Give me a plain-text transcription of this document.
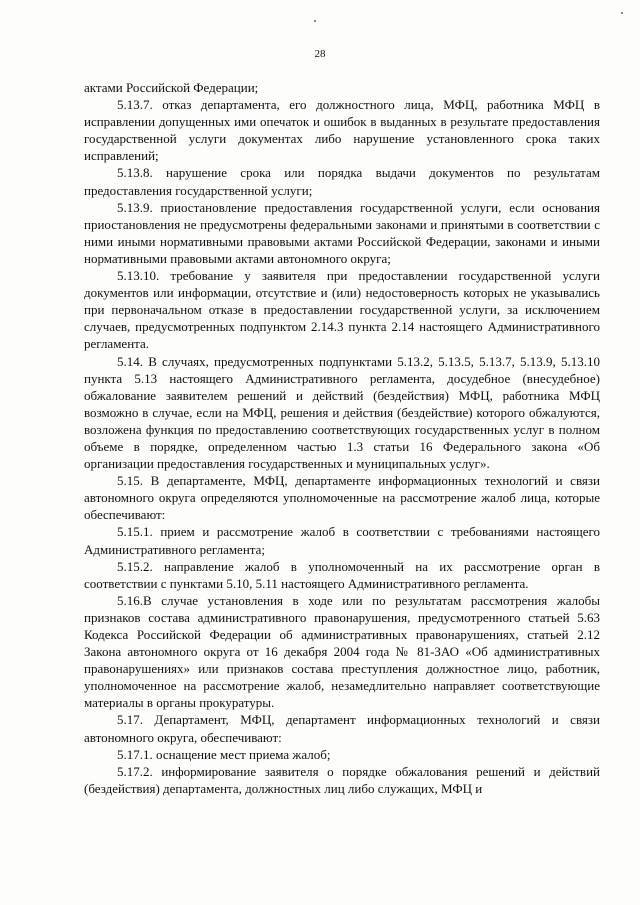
28

актами Российской Федерации;

5.13.7. отказ департамента, его должностного лица, МФЦ, работника МФЦ в исправлении допущенных ими опечаток и ошибок в выданных в результате предоставления государственной услуги документах либо нарушение установленного срока таких исправлений;

5.13.8. нарушение срока или порядка выдачи документов по результатам предоставления государственной услуги;

5.13.9. приостановление предоставления государственной услуги, если основания приостановления не предусмотрены федеральными законами и принятыми в соответствии с ними иными нормативными правовыми актами Российской Федерации, законами и иными нормативными правовыми актами автономного округа;

5.13.10. требование у заявителя при предоставлении государственной услуги документов или информации, отсутствие и (или) недостоверность которых не указывались при первоначальном отказе в предоставлении государственной услуги, за исключением случаев, предусмотренных подпунктом 2.14.3 пункта 2.14 настоящего Административного регламента.

5.14. В случаях, предусмотренных подпунктами 5.13.2, 5.13.5, 5.13.7, 5.13.9, 5.13.10 пункта 5.13 настоящего Административного регламента, досудебное (внесудебное) обжалование заявителем решений и действий (бездействия) МФЦ, работника МФЦ возможно в случае, если на МФЦ, решения и действия (бездействие) которого обжалуются, возложена функция по предоставлению соответствующих государственных услуг в полном объеме в порядке, определенном частью 1.3 статьи 16 Федерального закона «Об организации предоставления государственных и муниципальных услуг».

5.15. В департаменте, МФЦ, департаменте информационных технологий и связи автономного округа определяются уполномоченные на рассмотрение жалоб лица, которые обеспечивают:

5.15.1. прием и рассмотрение жалоб в соответствии с требованиями настоящего Административного регламента;

5.15.2. направление жалоб в уполномоченный на их рассмотрение орган в соответствии с пунктами 5.10, 5.11 настоящего Административного регламента.

5.16.В случае установления в ходе или по результатам рассмотрения жалобы признаков состава административного правонарушения, предусмотренного статьей 5.63 Кодекса Российской Федерации об административных правонарушениях, статьей 2.12 Закона автономного округа от 16 декабря 2004 года № 81-ЗАО «Об административных правонарушениях» или признаков состава преступления должностное лицо, работник, уполномоченное на рассмотрение жалоб, незамедлительно направляет соответствующие материалы в органы прокуратуры.

5.17. Департамент, МФЦ, департамент информационных технологий и связи автономного округа, обеспечивают:

5.17.1. оснащение мест приема жалоб;

5.17.2. информирование заявителя о порядке обжалования решений и действий (бездействия) департамента, должностных лиц либо служащих, МФЦ и
